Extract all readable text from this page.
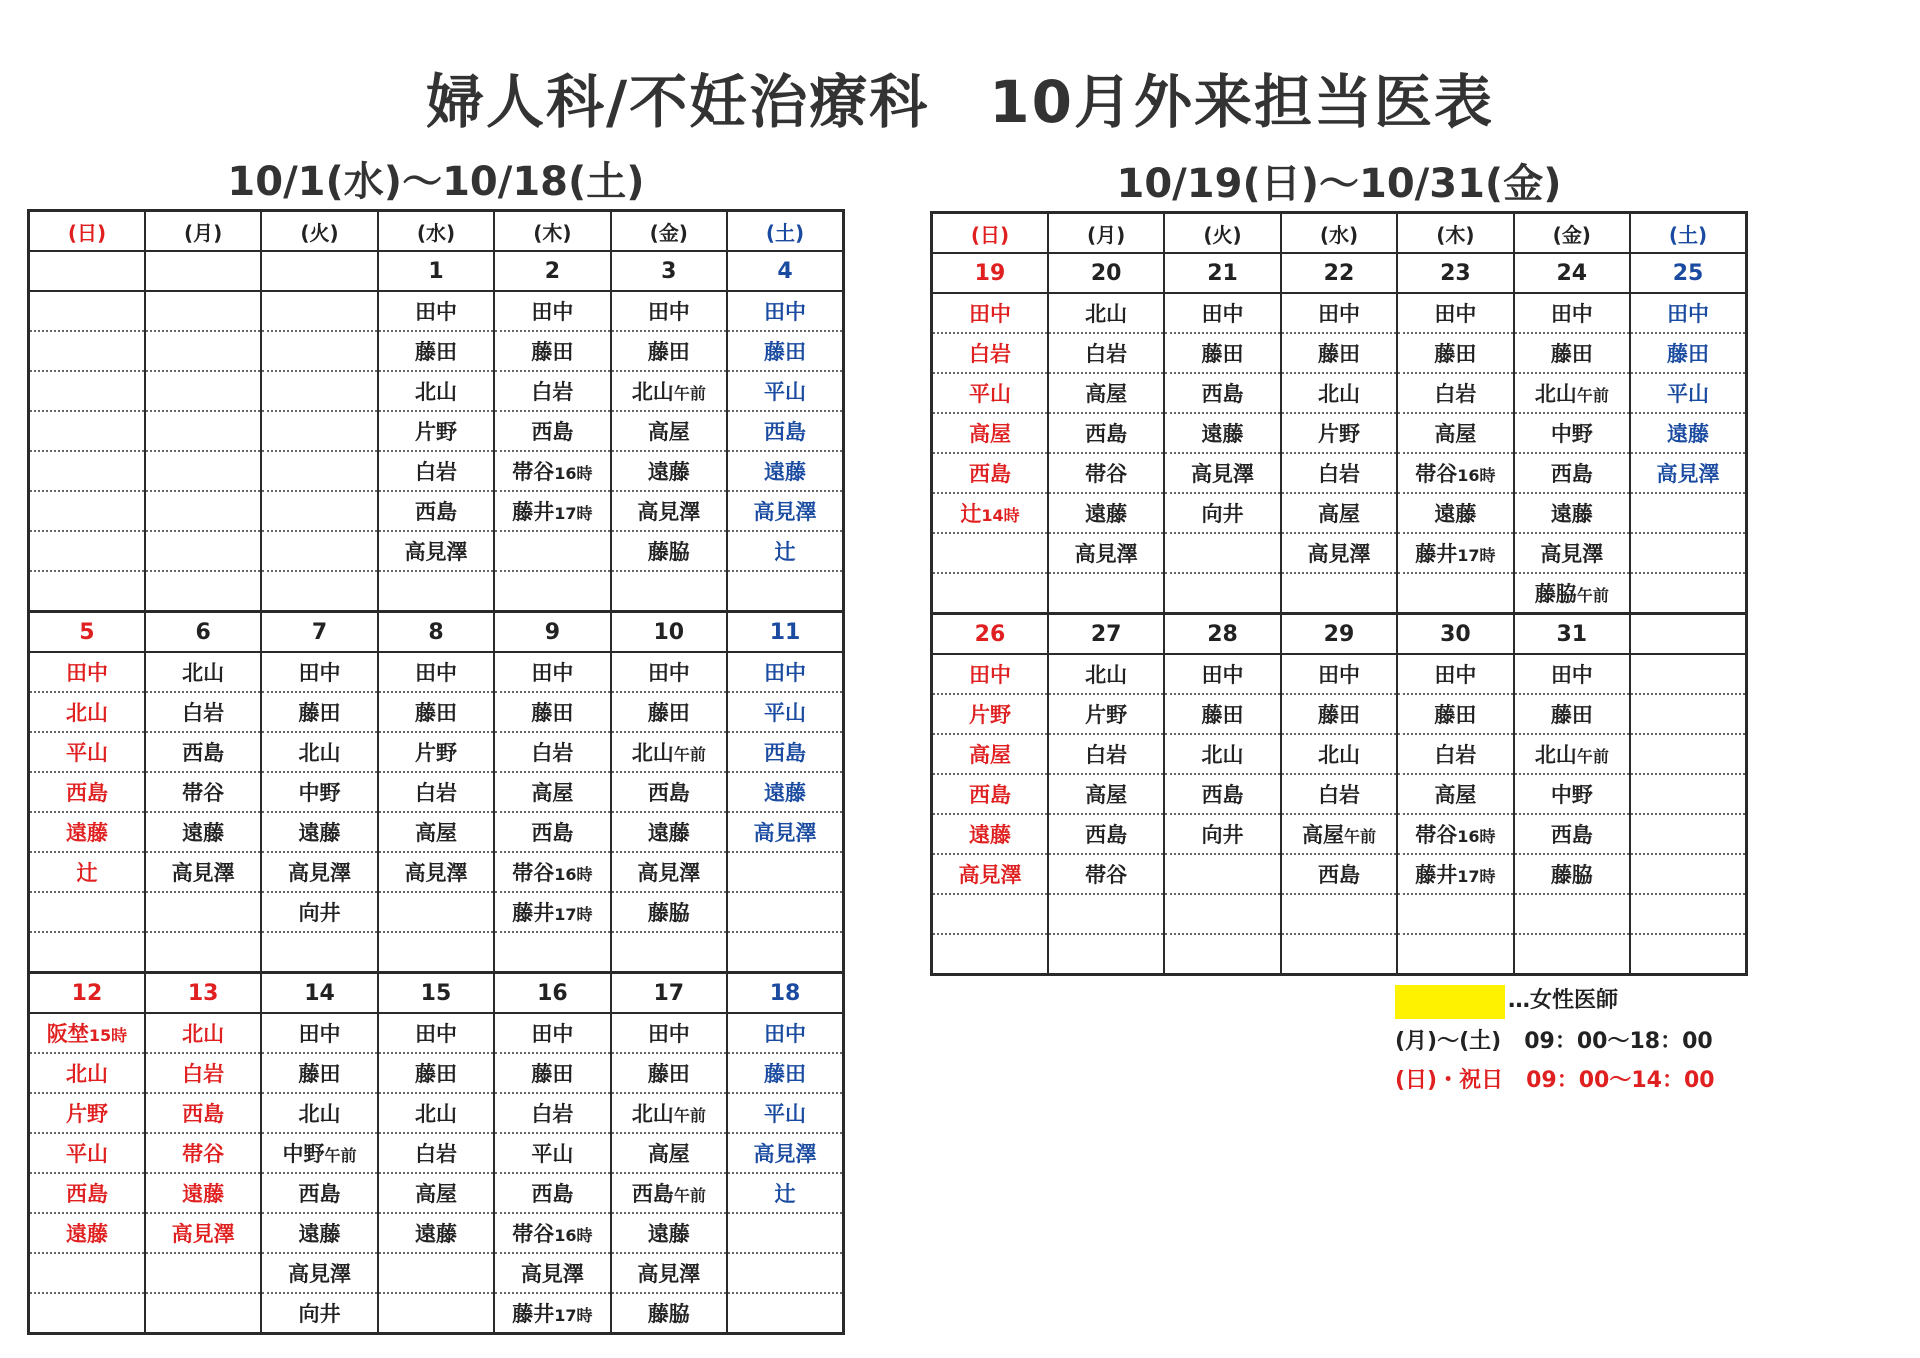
婦人科/不妊治療科 10月外来担当医表
10/1(水)～10/18(土)	10/19(日)～10/31(金)
(日)	(月)	(火)	(水)	(木)	(金)	(土)
			1	2	3	4
			田中	田中	田中	田中
			藤田	藤田	藤田	藤田
			北山	白岩	北山午前	平山
			片野	西島	高屋	西島
			白岩	帯谷16時	遠藤	遠藤
			西島	藤井17時	高見澤	高見澤
			高見澤		藤脇	辻

5	6	7	8	9	10	11
田中	北山	田中	田中	田中	田中	田中
北山	白岩	藤田	藤田	藤田	藤田	平山
平山	西島	北山	片野	白岩	北山午前	西島
西島	帯谷	中野	白岩	高屋	西島	遠藤
遠藤	遠藤	遠藤	高屋	西島	遠藤	高見澤
辻	高見澤	高見澤	高見澤	帯谷16時	高見澤	
		向井		藤井17時	藤脇	

12	13	14	15	16	17	18
阪埜15時	北山	田中	田中	田中	田中	田中
北山	白岩	藤田	藤田	藤田	藤田	藤田
片野	西島	北山	北山	白岩	北山午前	平山
平山	帯谷	中野午前	白岩	平山	高屋	高見澤
西島	遠藤	西島	高屋	西島	西島午前	辻
遠藤	高見澤	遠藤	遠藤	帯谷16時	遠藤	
		高見澤		高見澤	高見澤	
		向井		藤井17時	藤脇	
(日)	(月)	(火)	(水)	(木)	(金)	(土)
19	20	21	22	23	24	25
田中	北山	田中	田中	田中	田中	田中
白岩	白岩	藤田	藤田	藤田	藤田	藤田
平山	高屋	西島	北山	白岩	北山午前	平山
高屋	西島	遠藤	片野	高屋	中野	遠藤
西島	帯谷	高見澤	白岩	帯谷16時	西島	高見澤
辻14時	遠藤	向井	高屋	遠藤	遠藤	
	高見澤		高見澤	藤井17時	高見澤	
					藤脇午前	
26	27	28	29	30	31	
田中	北山	田中	田中	田中	田中	
片野	片野	藤田	藤田	藤田	藤田	
高屋	白岩	北山	北山	白岩	北山午前	
西島	高屋	西島	白岩	高屋	中野	
遠藤	西島	向井	高屋午前	帯谷16時	西島	
高見澤	帯谷		西島	藤井17時	藤脇	

…女性医師
(月)～(土) 09：00～18：00
(日)・祝日 09：00～14：00
